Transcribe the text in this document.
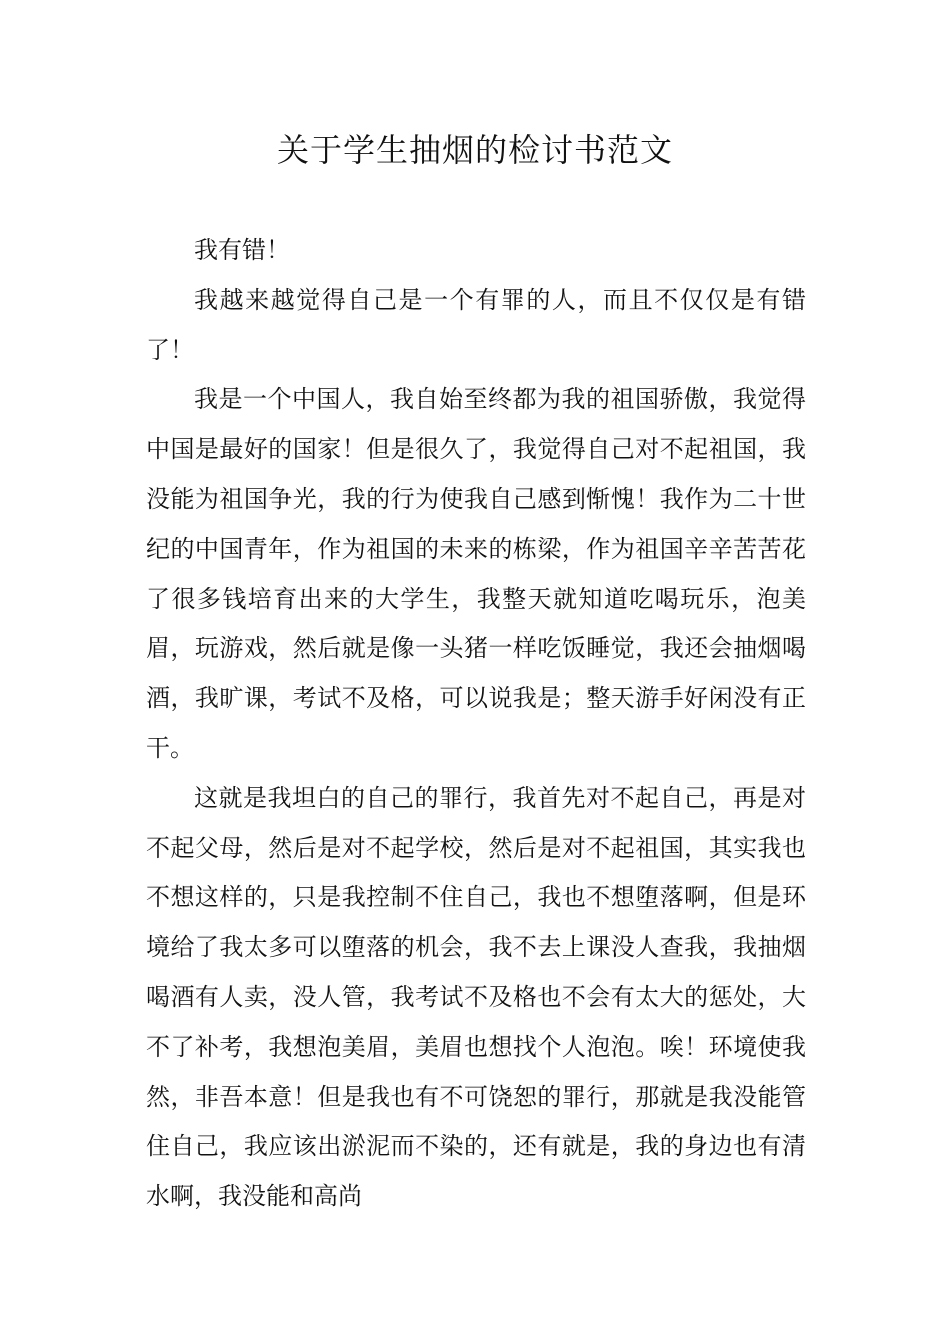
关于学生抽烟的检讨书范文

我有错！

我越来越觉得自己是一个有罪的人，而且不仅仅是有错了！

我是一个中国人，我自始至终都为我的祖国骄傲，我觉得中国是最好的国家！但是很久了，我觉得自己对不起祖国，我没能为祖国争光，我的行为使我自己感到惭愧！我作为二十世纪的中国青年，作为祖国的未来的栋梁，作为祖国辛辛苦苦花了很多钱培育出来的大学生，我整天就知道吃喝玩乐，泡美眉，玩游戏，然后就是像一头猪一样吃饭睡觉，我还会抽烟喝酒，我旷课，考试不及格，可以说我是；整天游手好闲没有正干。

这就是我坦白的自己的罪行，我首先对不起自己，再是对不起父母，然后是对不起学校，然后是对不起祖国，其实我也不想这样的，只是我控制不住自己，我也不想堕落啊，但是环境给了我太多可以堕落的机会，我不去上课没人查我，我抽烟喝酒有人卖，没人管，我考试不及格也不会有太大的惩处，大不了补考，我想泡美眉，美眉也想找个人泡泡。唉！环境使我然，非吾本意！但是我也有不可饶恕的罪行，那就是我没能管住自己，我应该出淤泥而不染的，还有就是，我的身边也有清水啊，我没能和高尚
